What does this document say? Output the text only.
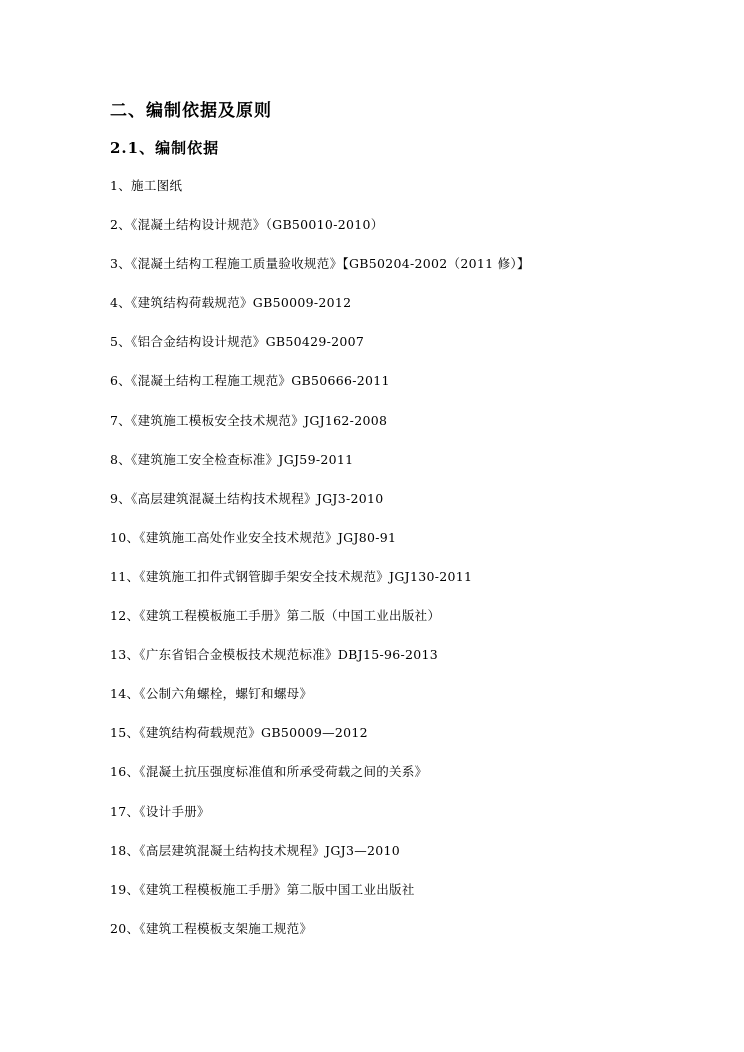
二、编制依据及原则
2.1、编制依据
1、施工图纸
2、《混凝土结构设计规范》（GB50010-2010）
3、《混凝土结构工程施工质量验收规范》【GB50204-2002（2011 修）】
4、《建筑结构荷载规范》GB50009-2012
5、《铝合金结构设计规范》GB50429-2007
6、《混凝土结构工程施工规范》GB50666-2011
7、《建筑施工模板安全技术规范》JGJ162-2008
8、《建筑施工安全检查标准》JGJ59-2011
9、《高层建筑混凝土结构技术规程》JGJ3-2010
10、《建筑施工高处作业安全技术规范》JGJ80-91
11、《建筑施工扣件式钢管脚手架安全技术规范》JGJ130-2011
12、《建筑工程模板施工手册》第二版（中国工业出版社）
13、《广东省铝合金模板技术规范标准》DBJ15-96-2013
14、《公制六角螺栓，螺钉和螺母》
15、《建筑结构荷载规范》GB50009—2012
16、《混凝土抗压强度标准值和所承受荷载之间的关系》
17、《设计手册》
18、《高层建筑混凝土结构技术规程》JGJ3—2010
19、《建筑工程模板施工手册》第二版中国工业出版社
20、《建筑工程模板支架施工规范》
